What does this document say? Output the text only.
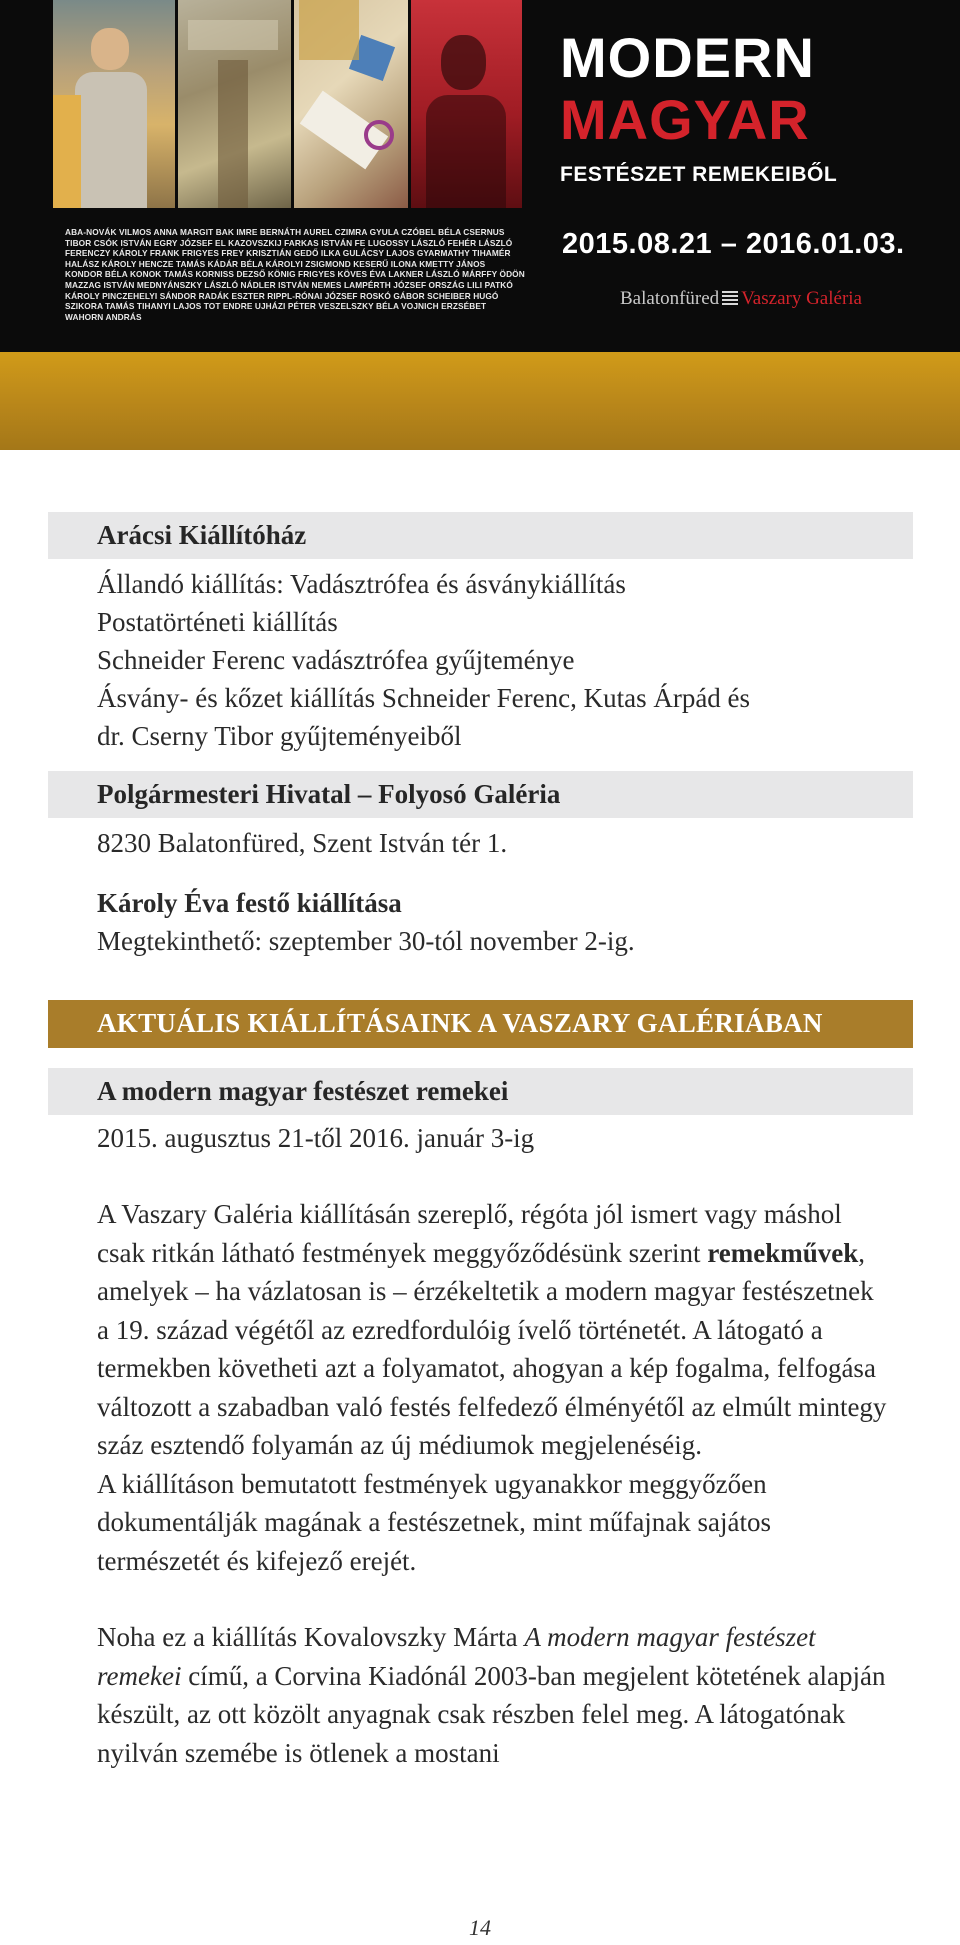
MODERN
MAGYAR
FESTÉSZET REMEKEIBŐL

ABA-NOVÁK VILMOS ANNA MARGIT BAK IMRE BERNÁTH AUREL CZIMRA GYULA CZÓBEL BÉLA CSERNUS TIBOR CSÓK ISTVÁN EGRY JÓZSEF EL KAZOVSZKIJ FARKAS ISTVÁN FE LUGOSSY LÁSZLÓ FEHÉR LÁSZLÓ FERENCZY KÁROLY FRANK FRIGYES FREY KRISZTIÁN GEDŐ ILKA GULÁCSY LAJOS GYARMATHY TIHAMÉR HALÁSZ KÁROLY HENCZE TAMÁS KÁDÁR BÉLA KÁROLYI ZSIGMOND KESERŰ ILONA KMETTY JÁNOS KONDOR BÉLA KONOK TAMÁS KORNISS DEZSŐ KÖNIG FRIGYES KÖVES ÉVA LAKNER LÁSZLÓ MÁRFFY ÖDÖN MAZZAG ISTVÁN MEDNYÁNSZKY LÁSZLÓ NÁDLER ISTVÁN NEMES LAMPÉRTH JÓZSEF ORSZÁG LILI PATKÓ KÁROLY PINCZEHELYI SÁNDOR RADÁK ESZTER RIPPL-RÓNAI JÓZSEF ROSKÓ GÁBOR SCHEIBER HUGÓ SZIKORA TAMÁS TIHANYI LAJOS TOT ENDRE UJHÁZI PÉTER VESZELSZKY BÉLA VOJNICH ERZSÉBET WAHORN ANDRÁS

2015.08.21 – 2016.01.03.
Balatonfüred Vaszary Galéria
Arácsi Kiállítóház

Állandó kiállítás: Vadásztrófea és ásványkiállítás

Postatörténeti kiállítás

Schneider Ferenc vadásztrófea gyűjteménye

Ásvány- és kőzet kiállítás Schneider Ferenc, Kutas Árpád és

dr. Cserny Tibor gyűjteményeiből

Polgármesteri Hivatal – Folyosó Galéria

8230 Balatonfüred, Szent István tér 1.

Károly Éva festő kiállítása

Megtekinthető: szeptember 30-tól november 2-ig.

AKTUÁLIS KIÁLLÍTÁSAINK A VASZARY GALÉRIÁBAN
A modern magyar festészet remekei

2015. augusztus 21-től 2016. január 3-ig

A Vaszary Galéria kiállításán szereplő, régóta jól ismert vagy máshol csak ritkán látható festmények meggyőződésünk szerint remekművek, amelyek – ha vázlatosan is – érzékeltetik a modern magyar festészetnek a 19. század végétől az ezredfordulóig ívelő történetét. A látogató a termekben követheti azt a folyamatot, ahogyan a kép fogalma, felfogása változott a szabadban való festés felfedező élményétől az elmúlt mintegy száz esztendő folyamán az új médiumok megjelenéséig.

A kiállításon bemutatott festmények ugyanakkor meggyőzően dokumentálják magának a festészetnek, mint műfajnak sajátos természetét és kifejező erejét.

Noha ez a kiállítás Kovalovszky Márta A modern magyar festészet remekei című, a Corvina Kiadónál 2003-ban megjelent kötetének alapján készült, az ott közölt anyagnak csak részben felel meg. A látogatónak nyilván szemébe is ötlenek a mostani

14
